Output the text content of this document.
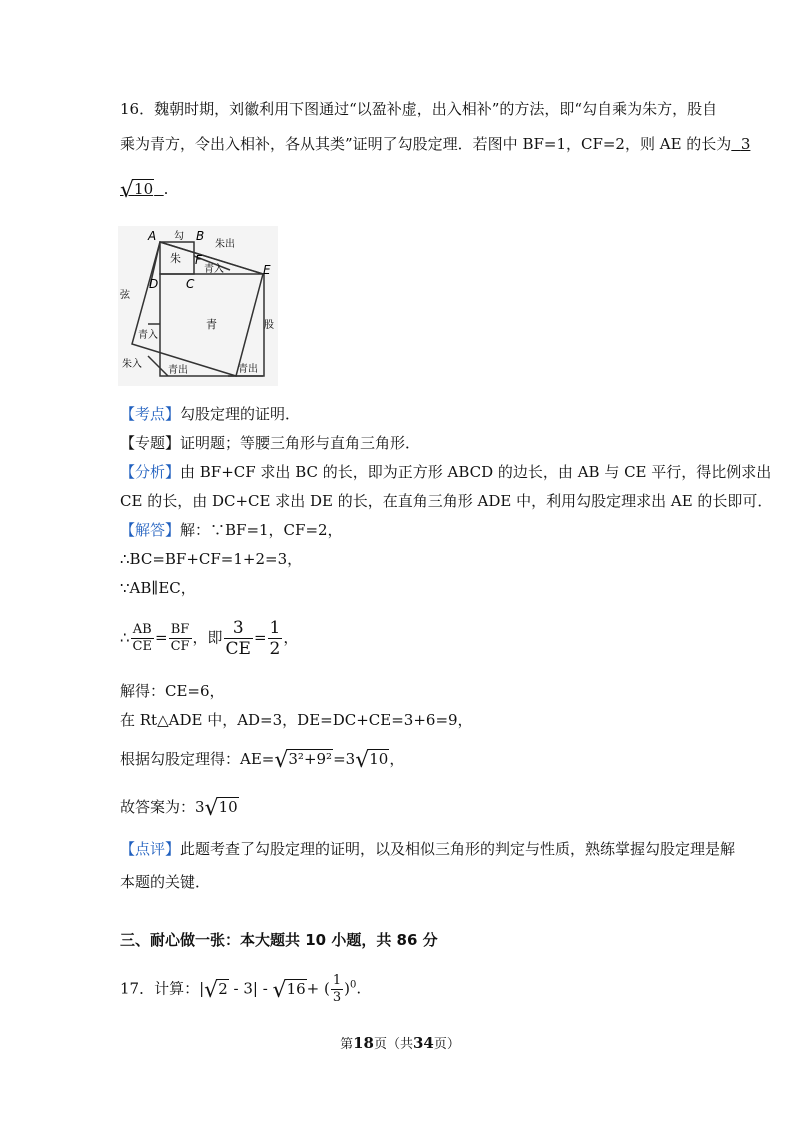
16．魏朝时期，刘徽利用下图通过“以盈补虚，出入相补”的方法，即“勾自乘为朱方，股自
乘为青方，令出入相补，各从其类”证明了勾股定理．若图中 BF=1，CF=2，则 AE 的长为 3
√10 .
A 勾 B
朱出
朱 F
青入	E
D C
弦
青	股
青入
朱入
青出	青出
【考点】勾股定理的证明．
【专题】证明题；等腰三角形与直角三角形．
【分析】由 BF+CF 求出 BC 的长，即为正方形 ABCD 的边长，由 AB 与 CE 平行，得比例求出
CE 的长，由 DC+CE 求出 DE 的长，在直角三角形 ADE 中，利用勾股定理求出 AE 的长即可．
【解答】解：∵BF=1，CF=2，
∴BC=BF+CF=1+2=3，
∵AB∥EC，
∴ $\frac{AB}{CE} = \frac{BF}{CF}$ ，即 $\frac{3}{CE} = \frac{1}{2}$ ，
解得：CE=6，
在 Rt△ADE 中，AD=3，DE=DC+CE=3+6=9，
根据勾股定理得：AE=√3²+9²=3√10，
故答案为：3√10
【点评】此题考查了勾股定理的证明，以及相似三角形的判定与性质，熟练掌握勾股定理是解
本题的关键．
三、耐心做一张：本大题共 10 小题，共 86 分
17．计算：|√2 - 3| - √16+ ( $\frac{1}{3} )^0$.
第18页（共34页）
